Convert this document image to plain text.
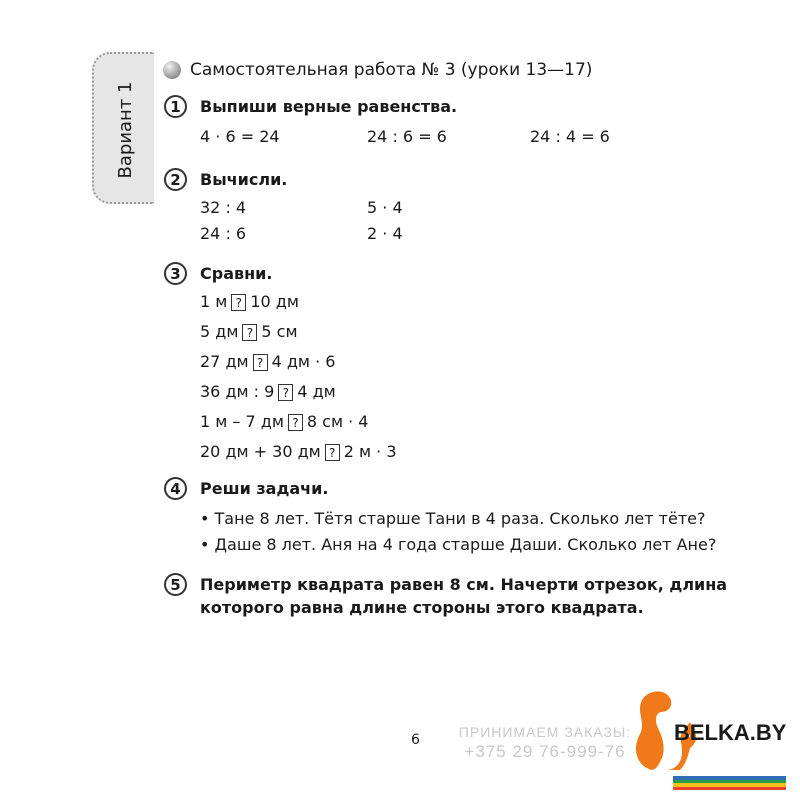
Вариант 1
Самостоятельная работа № 3 (уроки 13—17)
1	Выпиши верные равенства.
4 · 6 = 24	24 : 6 = 6	24 : 4 = 6
2	Вычисли.
32 : 4	5 · 4
24 : 6	2 · 4
3	Сравни.
1 м ? 10 дм
5 дм ? 5 см
27 дм ? 4 дм · 6
36 дм : 9 ? 4 дм
1 м – 7 дм ? 8 см · 4
20 дм + 30 дм ? 2 м · 3
4	Реши задачи.
• Тане 8 лет. Тётя старше Тани в 4 раза. Сколько лет тёте?
• Даше 8 лет. Аня на 4 года старше Даши. Сколько лет Ане?
5	Периметр квадрата равен 8 см. Начерти отрезок, длина
которого равна длине стороны этого квадрата.
6	ПРИНИМАЕМ ЗАКАЗЫ:
+375 29 76-999-76
BELKA.BY
